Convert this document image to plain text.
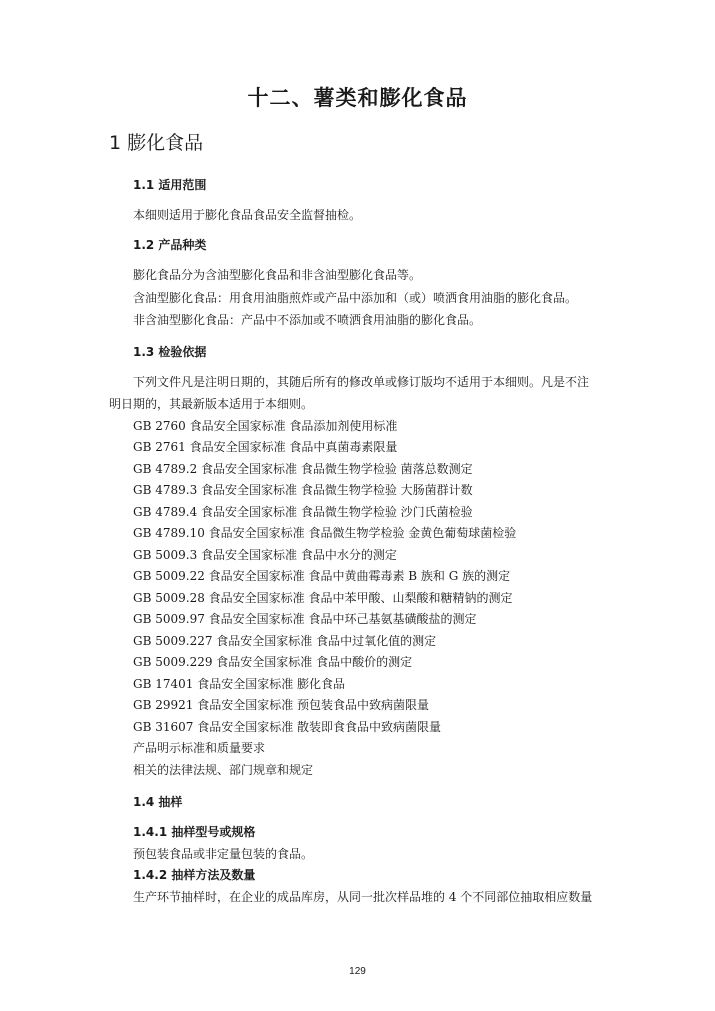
十二、薯类和膨化食品
1 膨化食品
1.1 适用范围
本细则适用于膨化食品食品安全监督抽检。
1.2 产品种类
膨化食品分为含油型膨化食品和非含油型膨化食品等。
含油型膨化食品：用食用油脂煎炸或产品中添加和（或）喷洒食用油脂的膨化食品。
非含油型膨化食品：产品中不添加或不喷洒食用油脂的膨化食品。
1.3 检验依据
下列文件凡是注明日期的，其随后所有的修改单或修订版均不适用于本细则。凡是不注
明日期的，其最新版本适用于本细则。
GB 2760 食品安全国家标准 食品添加剂使用标准
GB 2761 食品安全国家标准 食品中真菌毒素限量
GB 4789.2 食品安全国家标准 食品微生物学检验 菌落总数测定
GB 4789.3 食品安全国家标准 食品微生物学检验 大肠菌群计数
GB 4789.4 食品安全国家标准 食品微生物学检验 沙门氏菌检验
GB 4789.10 食品安全国家标准 食品微生物学检验 金黄色葡萄球菌检验
GB 5009.3 食品安全国家标准 食品中水分的测定
GB 5009.22 食品安全国家标准 食品中黄曲霉毒素 B 族和 G 族的测定
GB 5009.28 食品安全国家标准 食品中苯甲酸、山梨酸和糖精钠的测定
GB 5009.97 食品安全国家标准 食品中环己基氨基磺酸盐的测定
GB 5009.227 食品安全国家标准 食品中过氧化值的测定
GB 5009.229 食品安全国家标准 食品中酸价的测定
GB 17401 食品安全国家标准 膨化食品
GB 29921 食品安全国家标准 预包装食品中致病菌限量
GB 31607 食品安全国家标准 散装即食食品中致病菌限量
产品明示标准和质量要求
相关的法律法规、部门规章和规定
1.4 抽样
1.4.1 抽样型号或规格
预包装食品或非定量包装的食品。
1.4.2 抽样方法及数量
生产环节抽样时，在企业的成品库房，从同一批次样品堆的 4 个不同部位抽取相应数量
129
